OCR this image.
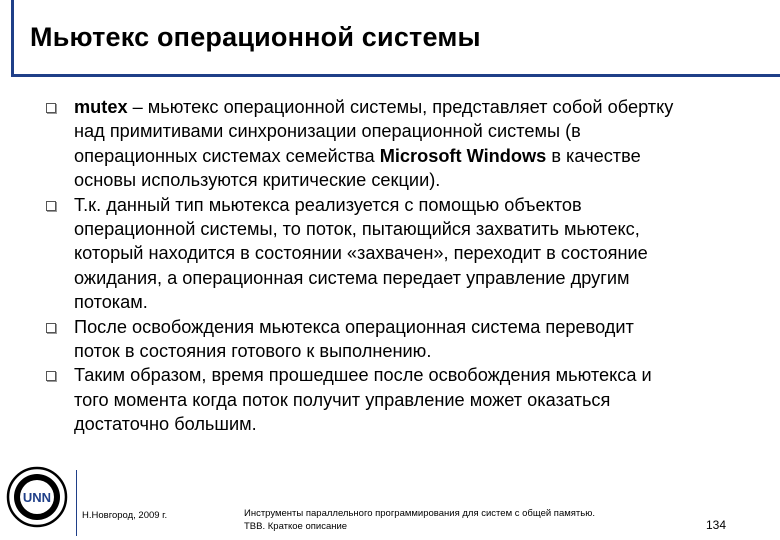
Мьютекс операционной системы
mutex – мьютекс операционной системы, представляет собой обертку
над примитивами синхронизации операционной системы (в
операционных системах семейства Microsoft Windows в качестве
основы используются критические секции).
Т.к. данный тип мьютекса реализуется с помощью объектов
операционной системы, то поток, пытающийся захватить мьютекс,
который находится в состоянии «захвачен», переходит в состояние
ожидания, а операционная система передает управление другим
потокам.
После освобождения мьютекса операционная система переводит
поток в состояния готового к выполнению.
Таким образом, время прошедшее после освобождения мьютекса и
того момента когда поток получит управление может оказаться
достаточно большим.
UNN
Н.Новгород, 2009 г.	Инструменты параллельного программирования для систем с общей памятью.
ТВВ. Краткое описание	134
